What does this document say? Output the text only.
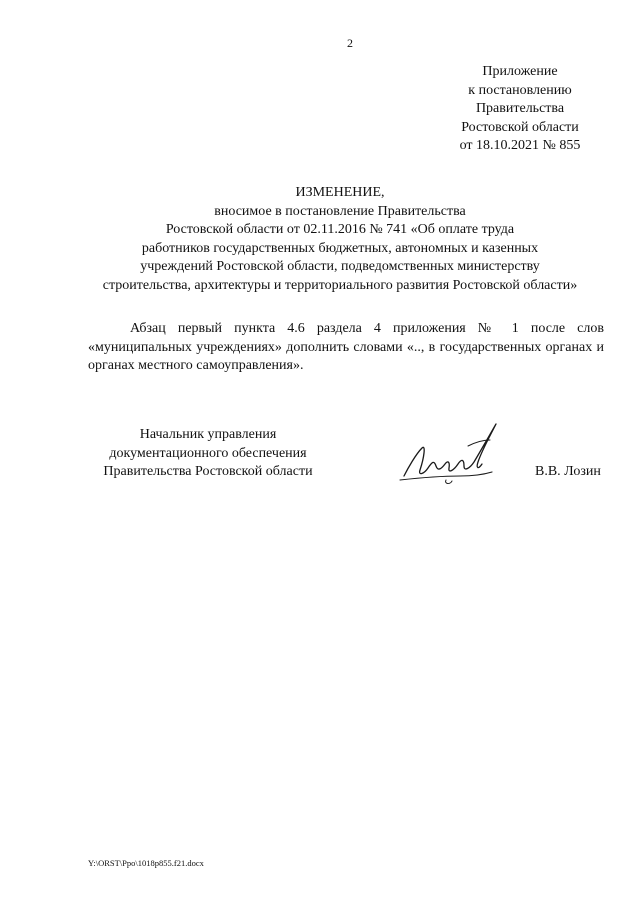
2
Приложение
к постановлению
Правительства
Ростовской области
от 18.10.2021 № 855
ИЗМЕНЕНИЕ,
вносимое в постановление Правительства
Ростовской области от 02.11.2016 № 741 «Об оплате труда
работников государственных бюджетных, автономных и казенных
учреждений Ростовской области, подведомственных министерству
строительства, архитектуры и территориального развития Ростовской области»

Абзац первый пункта 4.6 раздела 4 приложения № 1 после слов «муниципальных учреждениях» дополнить словами «.., в государственных органах и органах местного самоуправления».

Начальник управления
документационного обеспечения
Правительства Ростовской области	В.В. Лозин
Y:\ORST\Ppo\1018p855.f21.docx
